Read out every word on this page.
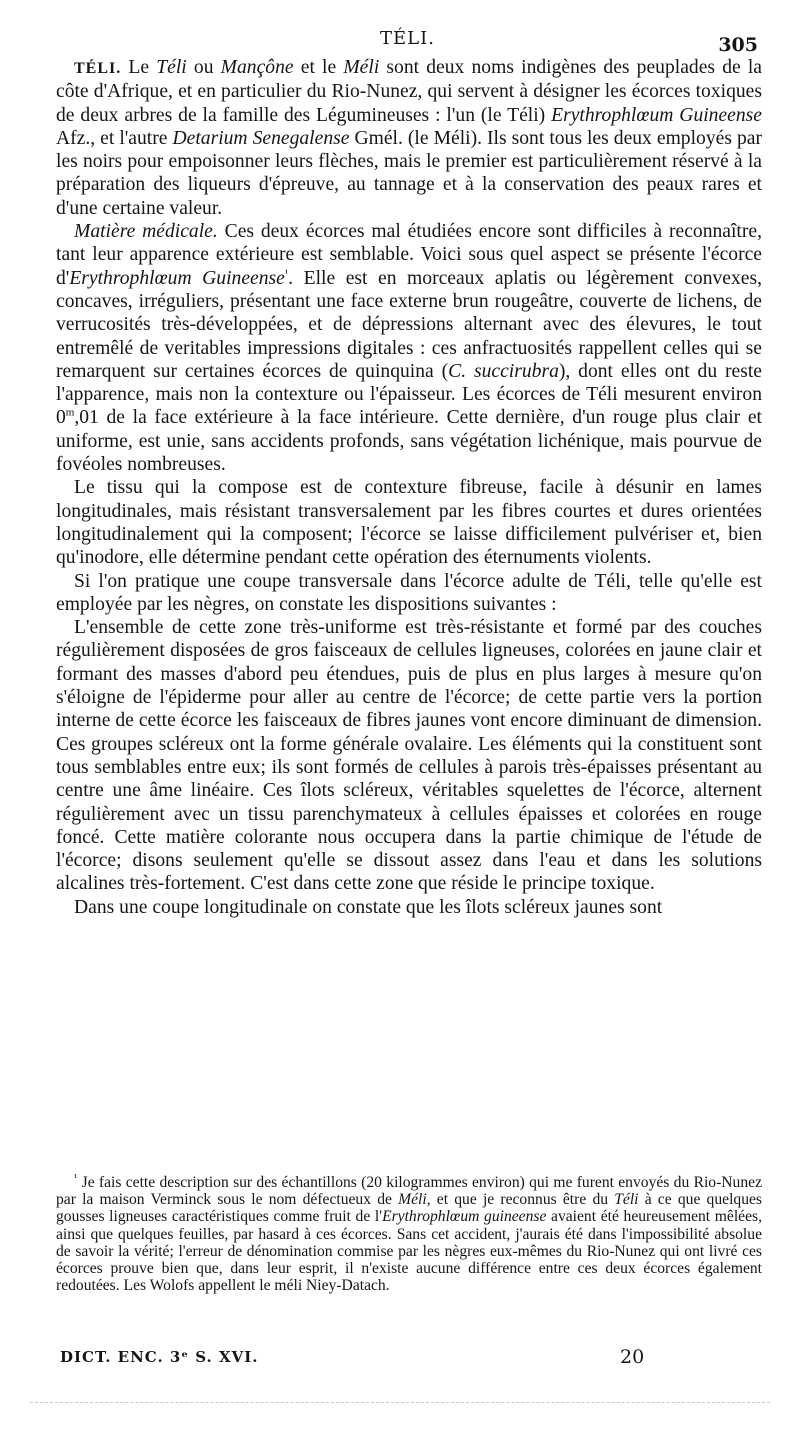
TÉLI.	305

TÉLI. Le Téli ou Mançône et le Méli sont deux noms indigènes des peuplades de la côte d'Afrique, et en particulier du Rio-Nunez, qui servent à désigner les écorces toxiques de deux arbres de la famille des Légumineuses : l'un (le Téli) Erythrophlœum Guineense Afz., et l'autre Detarium Senegalense Gmél. (le Méli). Ils sont tous les deux employés par les noirs pour empoisonner leurs flèches, mais le premier est particulièrement réservé à la préparation des liqueurs d'épreuve, au tannage et à la conservation des peaux rares et d'une certaine valeur.

Matière médicale. Ces deux écorces mal étudiées encore sont difficiles à reconnaître, tant leur apparence extérieure est semblable. Voici sous quel aspect se présente l'écorce d'Erythrophlœum Guineense$^{^1}$. Elle est en morceaux aplatis ou légèrement convexes, concaves, irréguliers, présentant une face externe brun rougeâtre, couverte de lichens, de verrucosités très-développées, et de dépressions alternant avec des élevures, le tout entremêlé de veritables impressions digitales : ces anfractuosités rappellent celles qui se remarquent sur certaines écorces de quinquina (C. succirubra), dont elles ont du reste l'apparence, mais non la contexture ou l'épaisseur. Les écorces de Téli mesurent environ 0$^m$,01 de la face extérieure à la face intérieure. Cette dernière, d'un rouge plus clair et uniforme, est unie, sans accidents profonds, sans végétation lichénique, mais pourvue de fovéoles nombreuses.

Le tissu qui la compose est de contexture fibreuse, facile à désunir en lames longitudinales, mais résistant transversalement par les fibres courtes et dures orientées longitudinalement qui la composent; l'écorce se laisse difficilement pulvériser et, bien qu'inodore, elle détermine pendant cette opération des éternuments violents.

Si l'on pratique une coupe transversale dans l'écorce adulte de Téli, telle qu'elle est employée par les nègres, on constate les dispositions suivantes :

L'ensemble de cette zone très-uniforme est très-résistante et formé par des couches régulièrement disposées de gros faisceaux de cellules ligneuses, colorées en jaune clair et formant des masses d'abord peu étendues, puis de plus en plus larges à mesure qu'on s'éloigne de l'épiderme pour aller au centre de l'écorce; de cette partie vers la portion interne de cette écorce les faisceaux de fibres jaunes vont encore diminuant de dimension. Ces groupes scléreux ont la forme générale ovalaire. Les éléments qui la constituent sont tous semblables entre eux; ils sont formés de cellules à parois très-épaisses présentant au centre une âme linéaire. Ces îlots scléreux, véritables squelettes de l'écorce, alternent régulièrement avec un tissu parenchymateux à cellules épaisses et colorées en rouge foncé. Cette matière colorante nous occupera dans la partie chimique de l'étude de l'écorce; disons seulement qu'elle se dissout assez dans l'eau et dans les solutions alcalines très-fortement. C'est dans cette zone que réside le principe toxique.

Dans une coupe longitudinale on constate que les îlots scléreux jaunes sont

$^{^1}$ Je fais cette description sur des échantillons (20 kilogrammes environ) qui me furent envoyés du Rio-Nunez par la maison Verminck sous le nom défectueux de Méli, et que je reconnus être du Téli à ce que quelques gousses ligneuses caractéristiques comme fruit de l'Erythrophlœum guineense avaient été heureusement mêlées, ainsi que quelques feuilles, par hasard à ces écorces. Sans cet accident, j'aurais été dans l'impossibilité absolue de savoir la vérité; l'erreur de dénomination commise par les nègres eux-mêmes du Rio-Nunez qui ont livré ces écorces prouve bien que, dans leur esprit, il n'existe aucune différence entre ces deux écorces également redoutées. Les Wolofs appellent le méli Niey-Datach.

DICT. ENC. 3ᵉ S. XVI.	20
